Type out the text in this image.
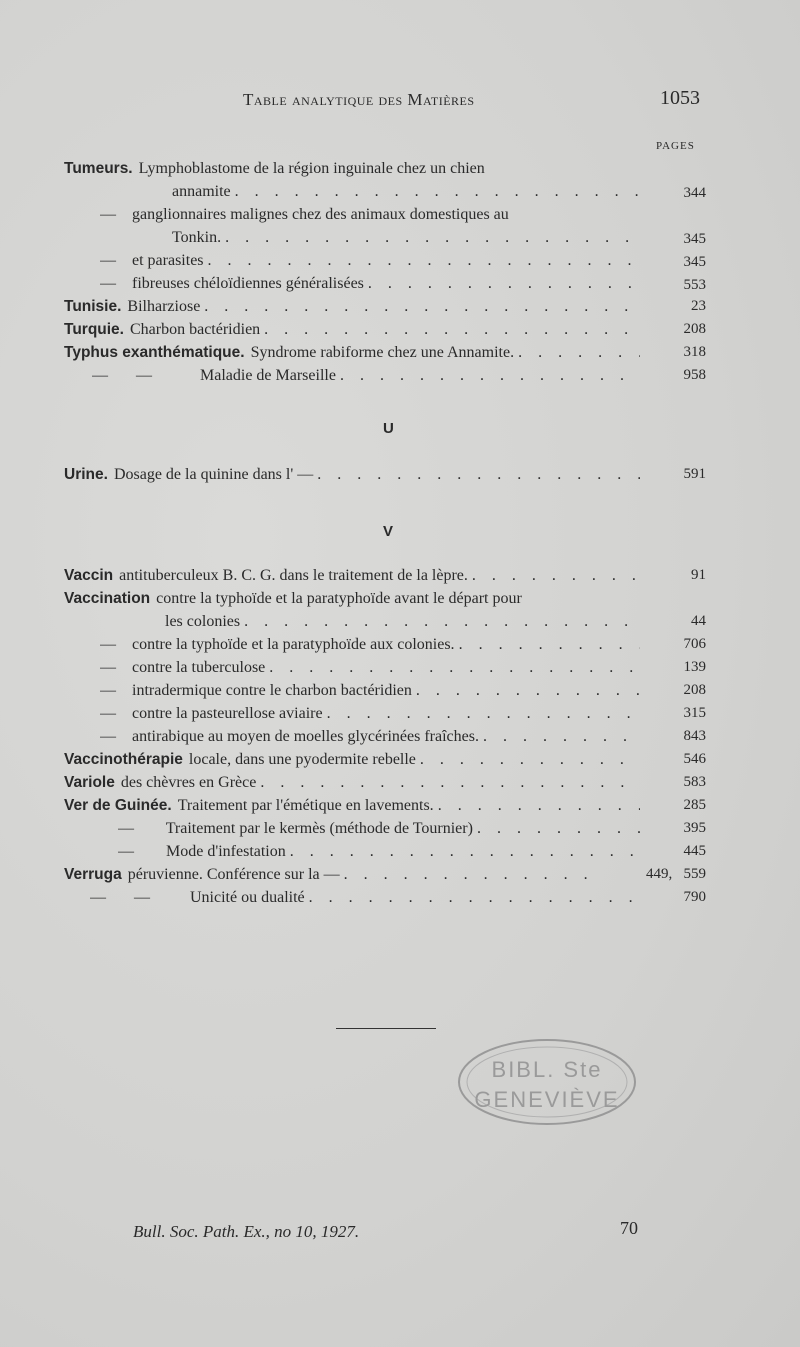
Table analytique des Matières	1053
PAGES
Tumeurs. Lymphoblastome de la région inguinale chez un chien
annamite . . .	344
—    ganglionnaires malignes chez des animaux domestiques au
Tonkin. . . .	345
—    et parasites . . .	345
—    fibreuses chéloïdiennes généralisées . . .	553
Tunisie. Bilharziose . . .	23
Turquie. Charbon bactéridien . . .	208
Typhus exanthématique. Syndrome rabiforme chez une Annamite. . . .	318
—       —            Maladie de Marseille . . .	958
U
Urine. Dosage de la quinine dans l' — . . .	591
V
Vaccin antituberculeux B. C. G. dans le traitement de la lèpre. . . .	91
Vaccination contre la typhoïde et la paratyphoïde avant le départ pour
les colonies . . .	44
—    contre la typhoïde et la paratyphoïde aux colonies. . . .	706
—    contre la tuberculose . . .	139
—    intradermique contre le charbon bactéridien . . .	208
—    contre la pasteurellose aviaire . . .	315
—    antirabique au moyen de moelles glycérinées fraîches. . . .	843
Vaccinothérapie locale, dans une pyodermite rebelle . . .	546
Variole des chèvres en Grèce . . .	583
Ver de Guinée. Traitement par l'émétique en lavements. . . .	285
—        Traitement par le kermès (méthode de Tournier) . . .	395
—        Mode d'infestation . . .	445
Verruga péruvienne. Conférence sur la — . . .	449,   559
—       —          Unicité ou dualité . . .	790
BIBL. Ste
GENEVIÈVE
Bull. Soc. Path. Ex., no 10, 1927.	70
